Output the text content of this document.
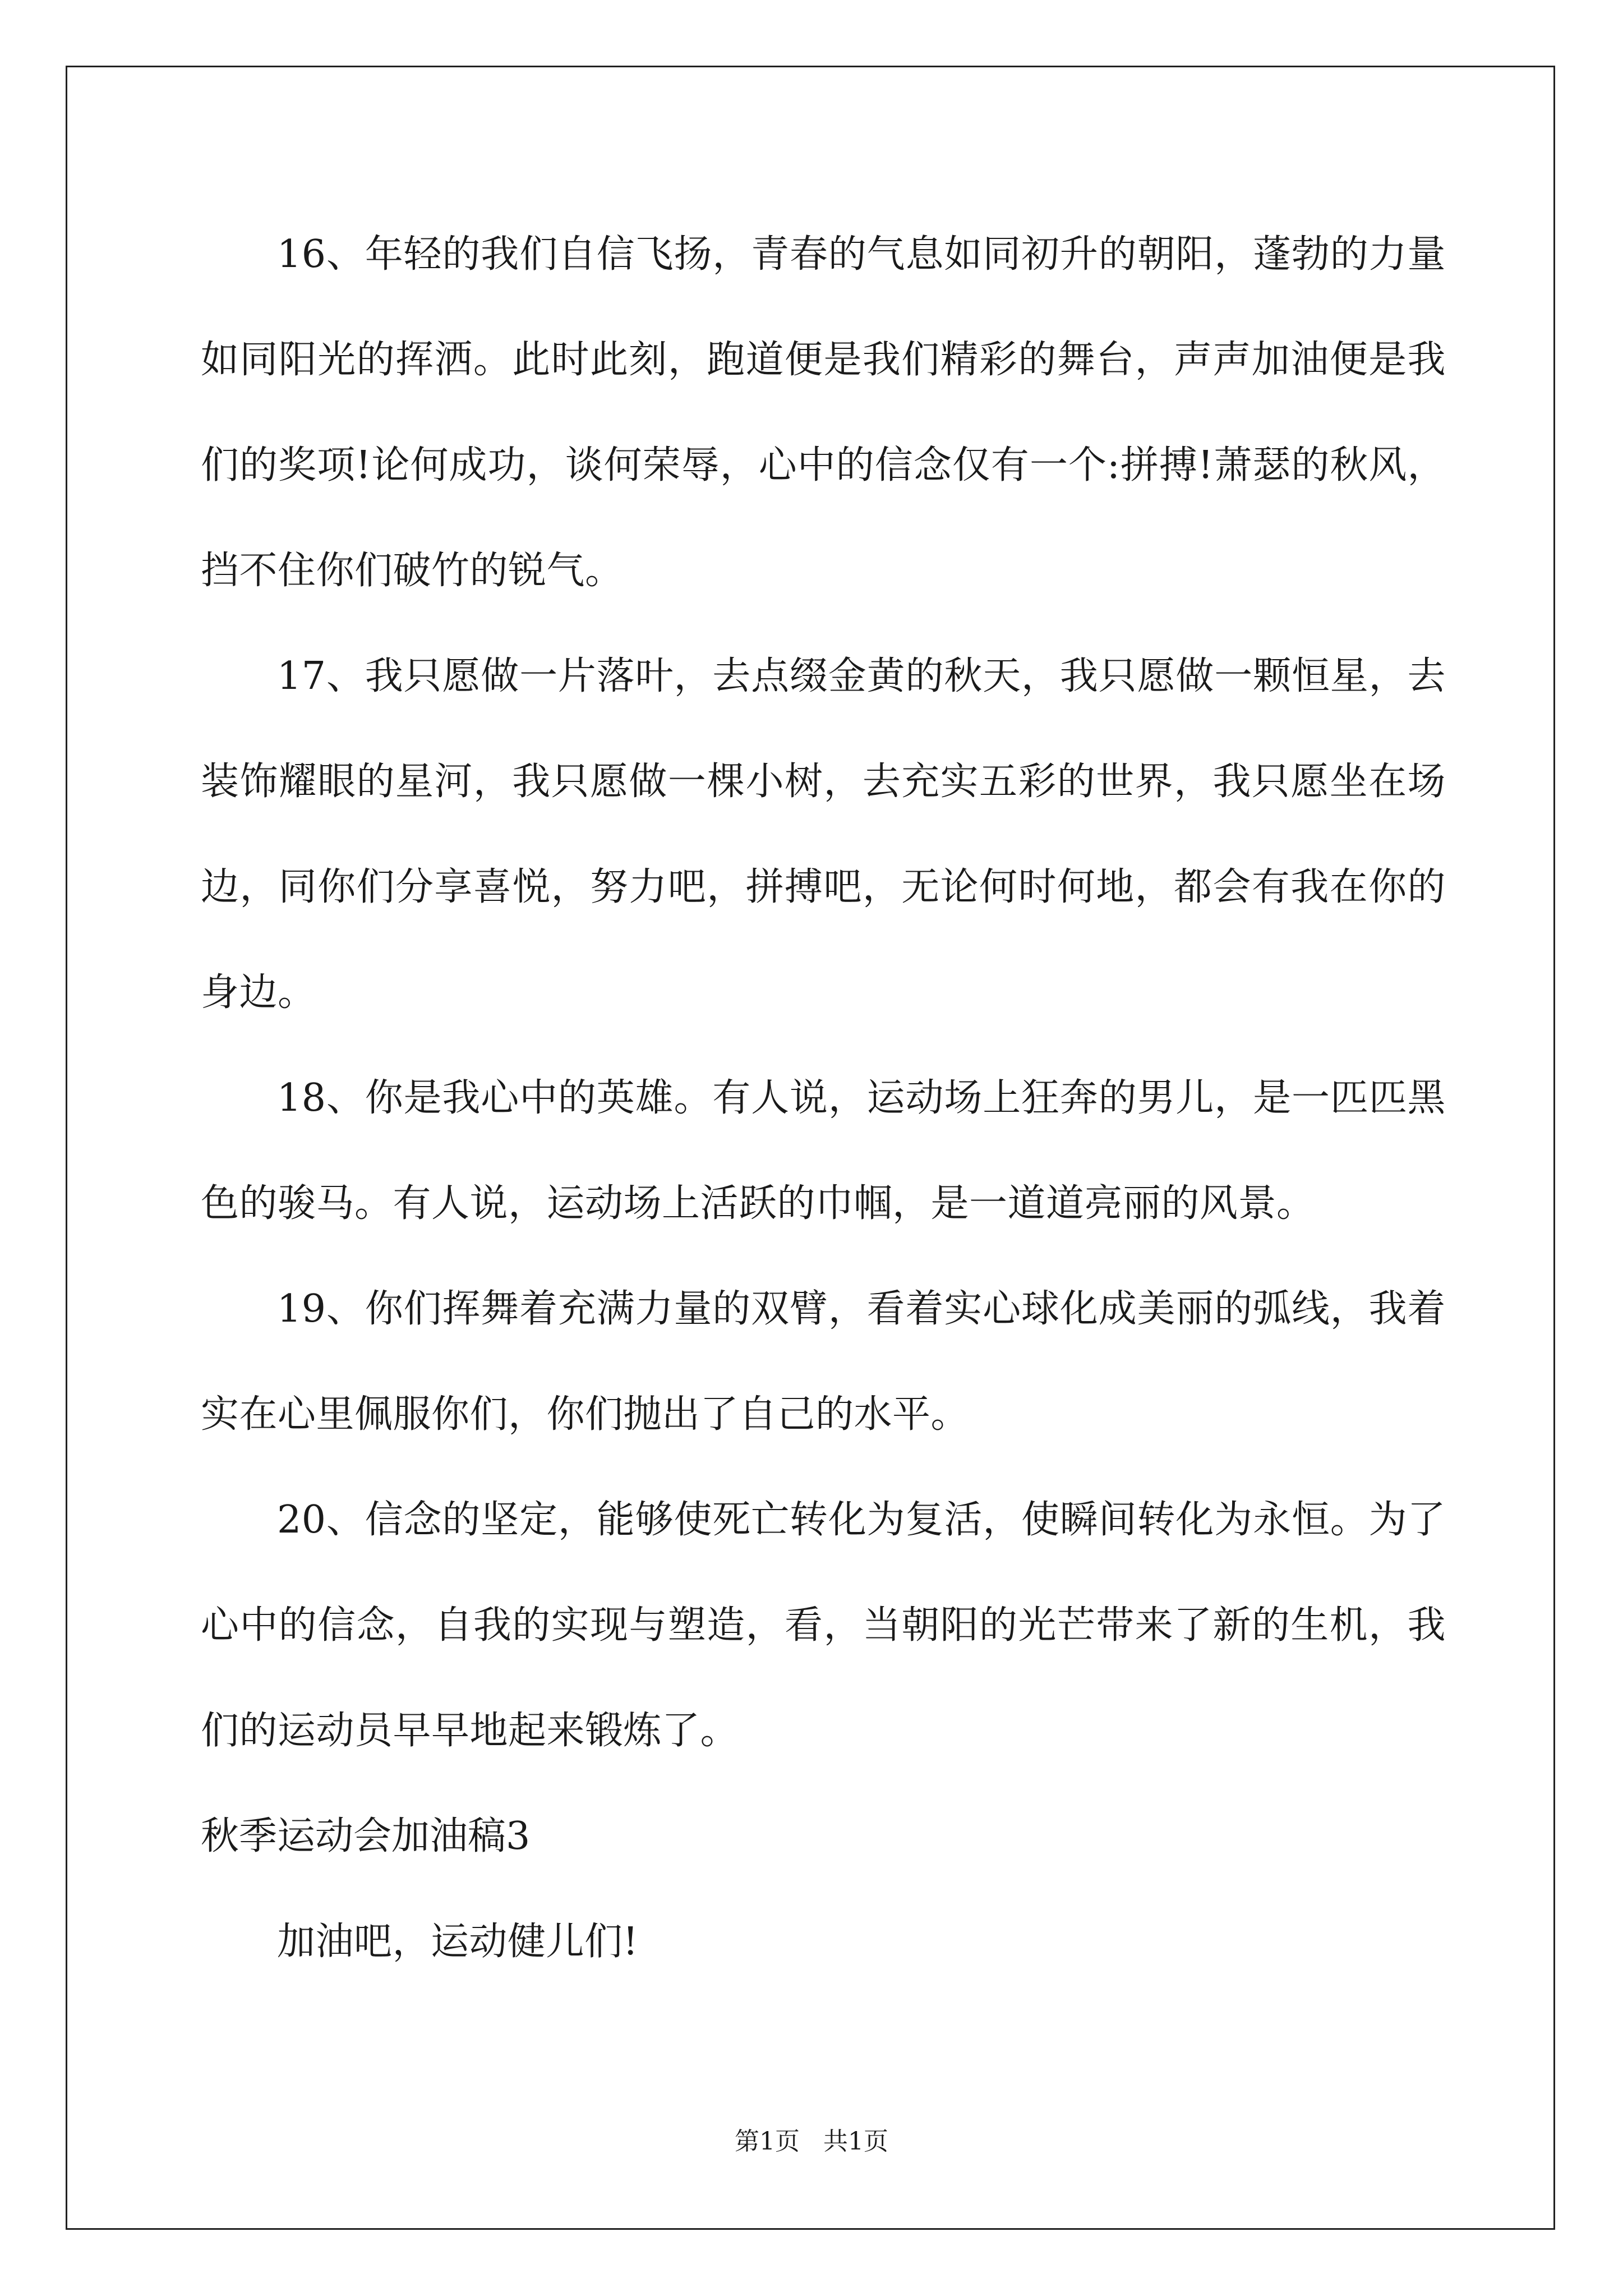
16、年轻的我们自信飞扬，青春的气息如同初升的朝阳，蓬勃的力量如同阳光的挥洒。此时此刻，跑道便是我们精彩的舞台，声声加油便是我们的奖项!论何成功，谈何荣辱，心中的信念仅有一个:拼搏!萧瑟的秋风，挡不住你们破竹的锐气。

17、我只愿做一片落叶，去点缀金黄的秋天，我只愿做一颗恒星，去装饰耀眼的星河，我只愿做一棵小树，去充实五彩的世界，我只愿坐在场边，同你们分享喜悦，努力吧，拼搏吧，无论何时何地，都会有我在你的身边。

18、你是我心中的英雄。有人说，运动场上狂奔的男儿，是一匹匹黑色的骏马。有人说，运动场上活跃的巾帼，是一道道亮丽的风景。

19、你们挥舞着充满力量的双臂，看着实心球化成美丽的弧线，我着实在心里佩服你们，你们抛出了自己的水平。

20、信念的坚定，能够使死亡转化为复活，使瞬间转化为永恒。为了心中的信念，自我的实现与塑造，看，当朝阳的光芒带来了新的生机，我们的运动员早早地起来锻炼了。

秋季运动会加油稿3

加油吧，运动健儿们!

第1页 共1页
